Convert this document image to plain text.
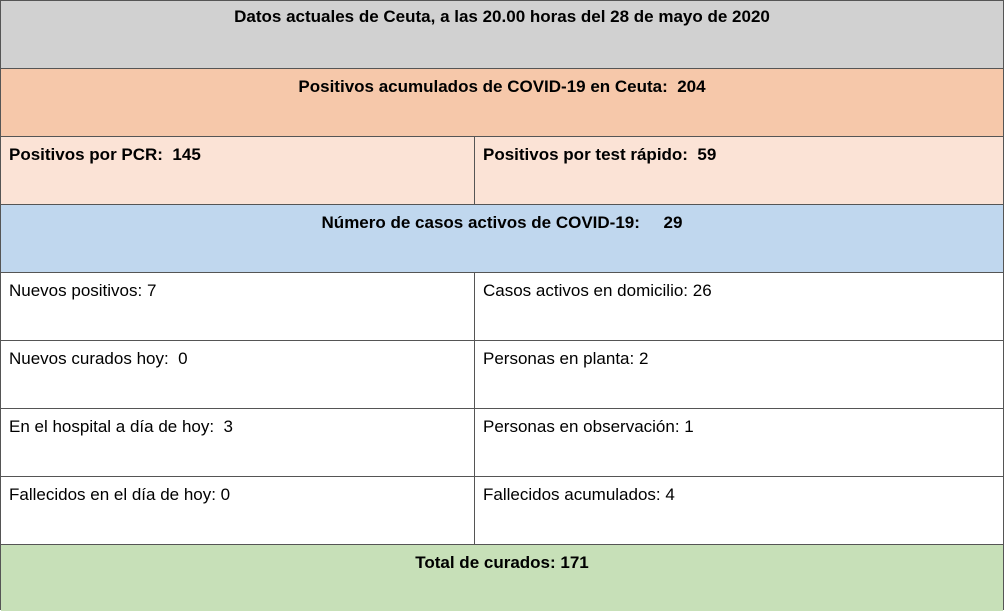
Datos actuales de Ceuta, a las 20.00 horas del 28 de mayo de 2020
Positivos acumulados de COVID-19 en Ceuta:  204
Positivos por PCR:  145	Positivos por test rápido:  59
Número de casos activos de COVID-19:     29
Nuevos positivos: 7	Casos activos en domicilio: 26
Nuevos curados hoy:  0	Personas en planta: 2
En el hospital a día de hoy:  3	Personas en observación: 1
Fallecidos en el día de hoy: 0	Fallecidos acumulados: 4
Total de curados: 171
